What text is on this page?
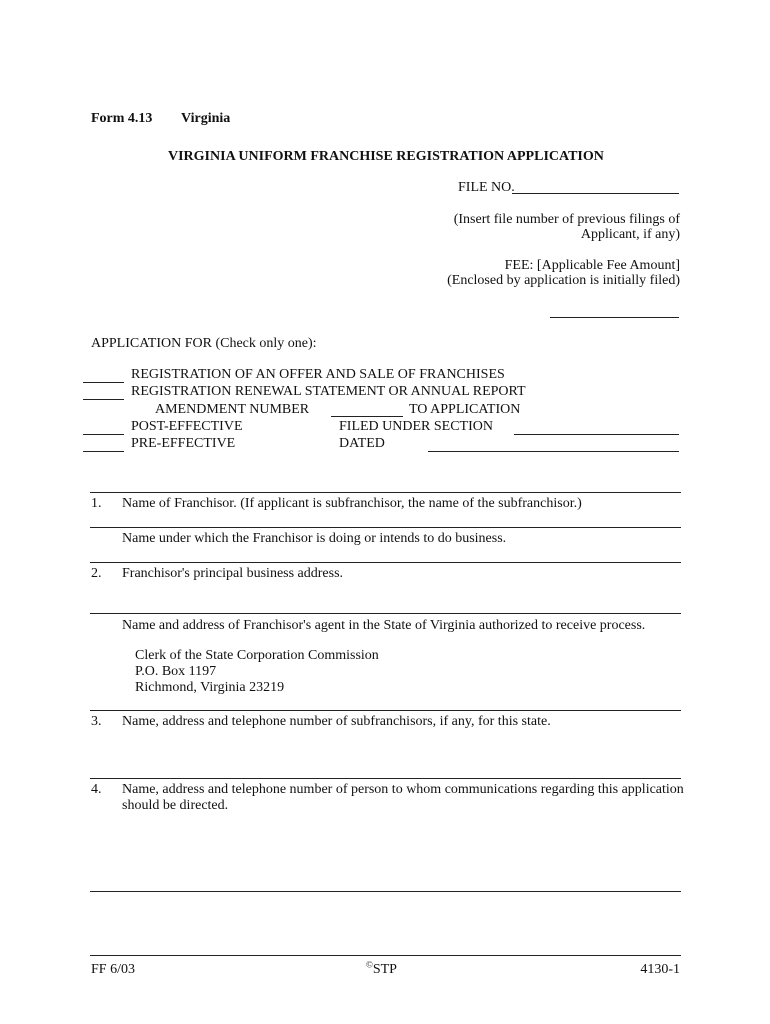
Form 4.13 Virginia
VIRGINIA UNIFORM FRANCHISE REGISTRATION APPLICATION
FILE NO.
(Insert file number of previous filings of
Applicant, if any)
FEE: [Applicable Fee Amount]
(Enclosed by application is initially filed)
APPLICATION FOR (Check only one):
REGISTRATION OF AN OFFER AND SALE OF FRANCHISES
REGISTRATION RENEWAL STATEMENT OR ANNUAL REPORT
AMENDMENT NUMBER	TO APPLICATION
POST-EFFECTIVE	FILED UNDER SECTION
PRE-EFFECTIVE	DATED
1. Name of Franchisor. (If applicant is subfranchisor, the name of the subfranchisor.)
Name under which the Franchisor is doing or intends to do business.
2. Franchisor's principal business address.
Name and address of Franchisor's agent in the State of Virginia authorized to receive process.
Clerk of the State Corporation Commission
P.O. Box 1197
Richmond, Virginia 23219
3. Name, address and telephone number of subfranchisors, if any, for this state.
4. Name, address and telephone number of person to whom communications regarding this application
should be directed.
FF 6/03	©STP	4130-1
